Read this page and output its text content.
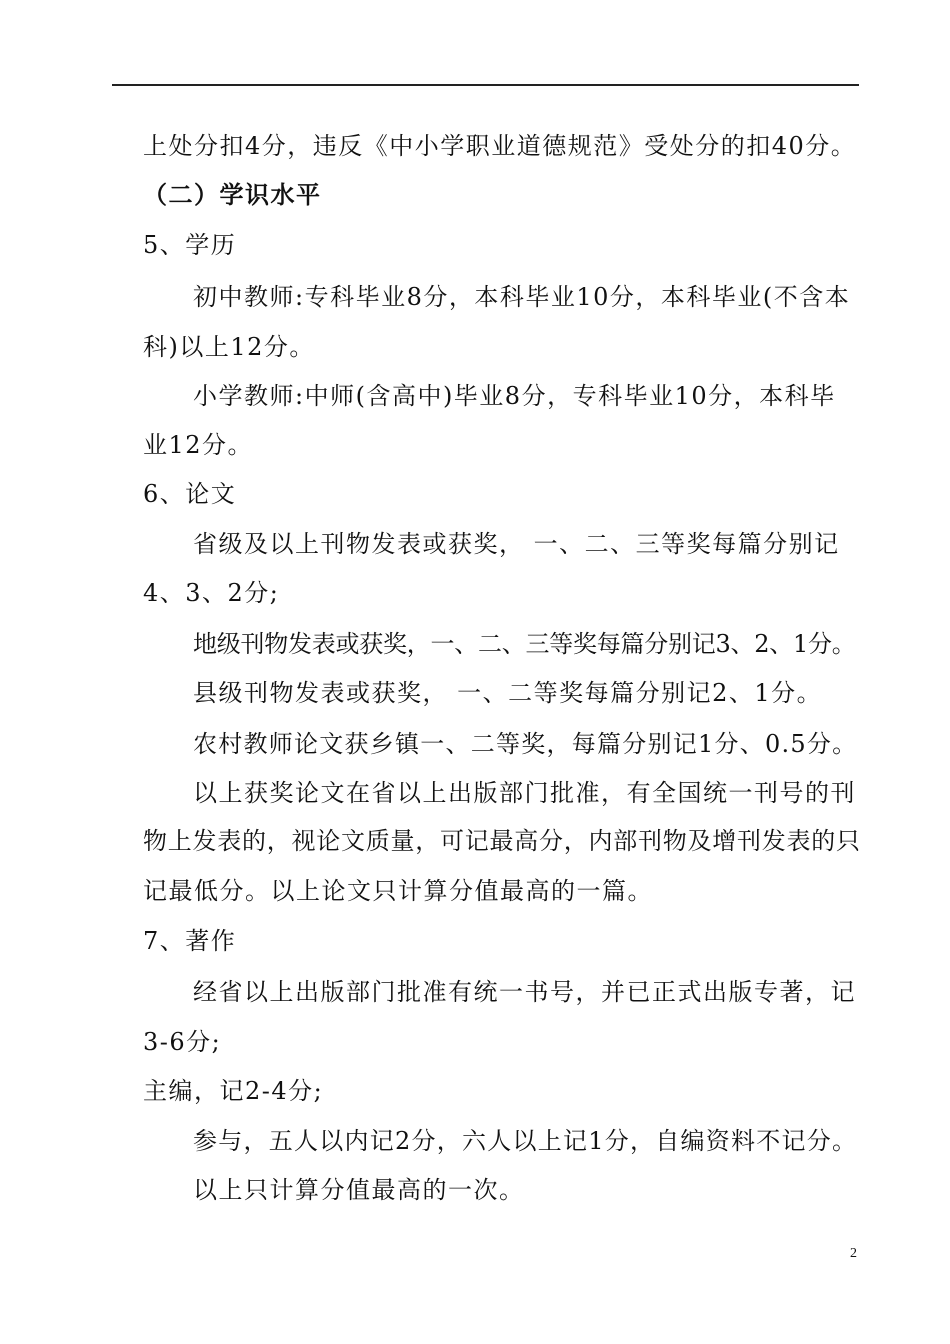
上处分扣4分，违反《中小学职业道德规范》受处分的扣40分。
（二）学识水平
5、学历
初中教师:专科毕业8分，本科毕业10分，本科毕业(不含本
科)以上12分。
小学教师:中师(含高中)毕业8分，专科毕业10分，本科毕
业12分。
6、论文
省级及以上刊物发表或获奖， 一、二、三等奖每篇分别记
4、3、2分;
地级刊物发表或获奖，一、二、三等奖每篇分别记3、2、1分。
县级刊物发表或获奖， 一、二等奖每篇分别记2、1分。
农村教师论文获乡镇一、二等奖，每篇分别记1分、0.5分。
以上获奖论文在省以上出版部门批准，有全国统一刊号的刊
物上发表的，视论文质量，可记最高分，内部刊物及增刊发表的只
记最低分。以上论文只计算分值最高的一篇。
7、著作
经省以上出版部门批准有统一书号，并已正式出版专著，记
3-6分;
主编，记2-4分;
参与，五人以内记2分，六人以上记1分，自编资料不记分。
以上只计算分值最高的一次。
2
